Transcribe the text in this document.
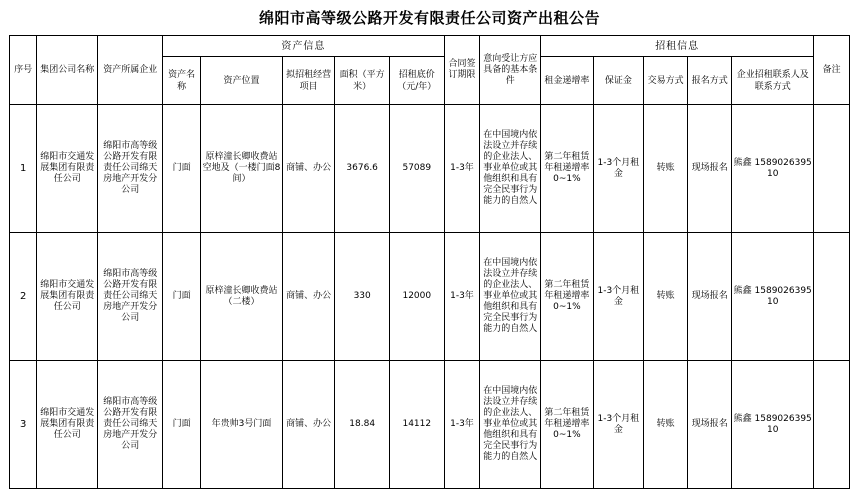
绵阳市高等级公路开发有限责任公司资产出租公告
序号	集团公司名称	资产所属企业	资产信息					合同签订期限	意向受让方应具备的基本条件	招租信息					备注
			资产名称	资产位置	拟招租经营项目	面积（平方米）	招租底价（元/年）			租金递增率	保证金	交易方式	报名方式	企业招租联系人及联系方式	
1	绵阳市交通发展集团有限责任公司	绵阳市高等级公路开发有限责任公司绵天房地产开发分公司	门面	原梓潼长卿收费站空地及（一楼门面8间）	商铺、办公	3676.6	57089	1-3年	在中国境内依法设立并存续的企业法人、事业单位或其他组织和具有完全民事行为能力的自然人	第二年租赁年租递增率0~1%	1-3个月租金	转账	现场报名	熊鑫 158902639510	
2	绵阳市交通发展集团有限责任公司	绵阳市高等级公路开发有限责任公司绵天房地产开发分公司	门面	原梓潼长卿收费站（二楼）	商铺、办公	330	12000	1-3年	在中国境内依法设立并存续的企业法人、事业单位或其他组织和具有完全民事行为能力的自然人	第二年租赁年租递增率0~1%	1-3个月租金	转账	现场报名	熊鑫 158902639510	
3	绵阳市交通发展集团有限责任公司	绵阳市高等级公路开发有限责任公司绵天房地产开发分公司	门面	年贵帅3号门面	商铺、办公	18.84	14112	1-3年	在中国境内依法设立并存续的企业法人、事业单位或其他组织和具有完全民事行为能力的自然人	第二年租赁年租递增率0~1%	1-3个月租金	转账	现场报名	熊鑫 158902639510	
